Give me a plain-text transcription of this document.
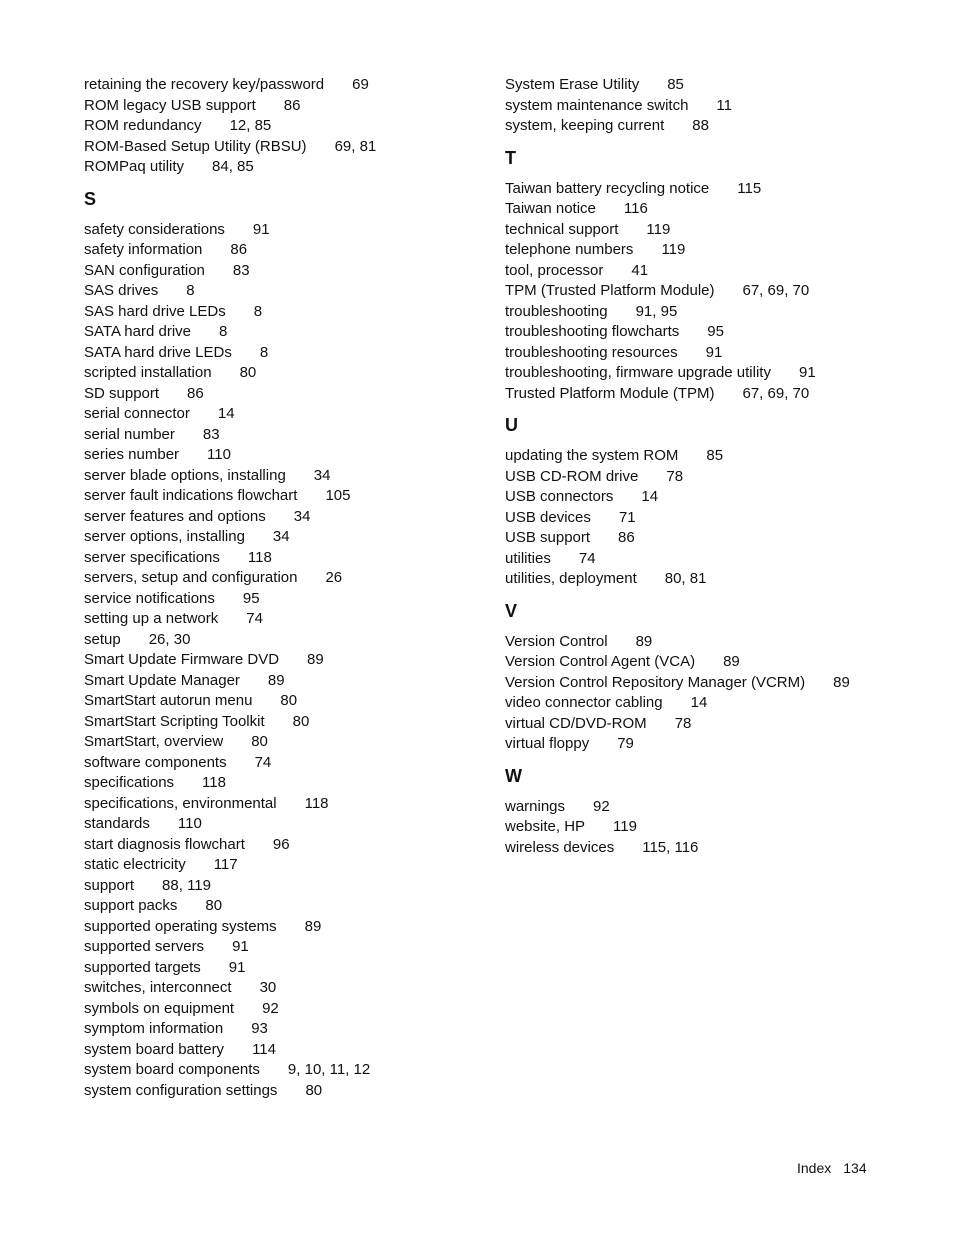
retaining the recovery key/password 69
ROM legacy USB support 86
ROM redundancy 12, 85
ROM-Based Setup Utility (RBSU) 69, 81
ROMPaq utility 84, 85
S
safety considerations 91
safety information 86
SAN configuration 83
SAS drives 8
SAS hard drive LEDs 8
SATA hard drive 8
SATA hard drive LEDs 8
scripted installation 80
SD support 86
serial connector 14
serial number 83
series number 110
server blade options, installing 34
server fault indications flowchart 105
server features and options 34
server options, installing 34
server specifications 118
servers, setup and configuration 26
service notifications 95
setting up a network 74
setup 26, 30
Smart Update Firmware DVD 89
Smart Update Manager 89
SmartStart autorun menu 80
SmartStart Scripting Toolkit 80
SmartStart, overview 80
software components 74
specifications 118
specifications, environmental 118
standards 110
start diagnosis flowchart 96
static electricity 117
support 88, 119
support packs 80
supported operating systems 89
supported servers 91
supported targets 91
switches, interconnect 30
symbols on equipment 92
symptom information 93
system board battery 114
system board components 9, 10, 11, 12
system configuration settings 80
System Erase Utility 85
system maintenance switch 11
system, keeping current 88
T
Taiwan battery recycling notice 115
Taiwan notice 116
technical support 119
telephone numbers 119
tool, processor 41
TPM (Trusted Platform Module) 67, 69, 70
troubleshooting 91, 95
troubleshooting flowcharts 95
troubleshooting resources 91
troubleshooting, firmware upgrade utility 91
Trusted Platform Module (TPM) 67, 69, 70
U
updating the system ROM 85
USB CD-ROM drive 78
USB connectors 14
USB devices 71
USB support 86
utilities 74
utilities, deployment 80, 81
V
Version Control 89
Version Control Agent (VCA) 89
Version Control Repository Manager (VCRM) 89
video connector cabling 14
virtual CD/DVD-ROM 78
virtual floppy 79
W
warnings 92
website, HP 119
wireless devices 115, 116
Index 134
